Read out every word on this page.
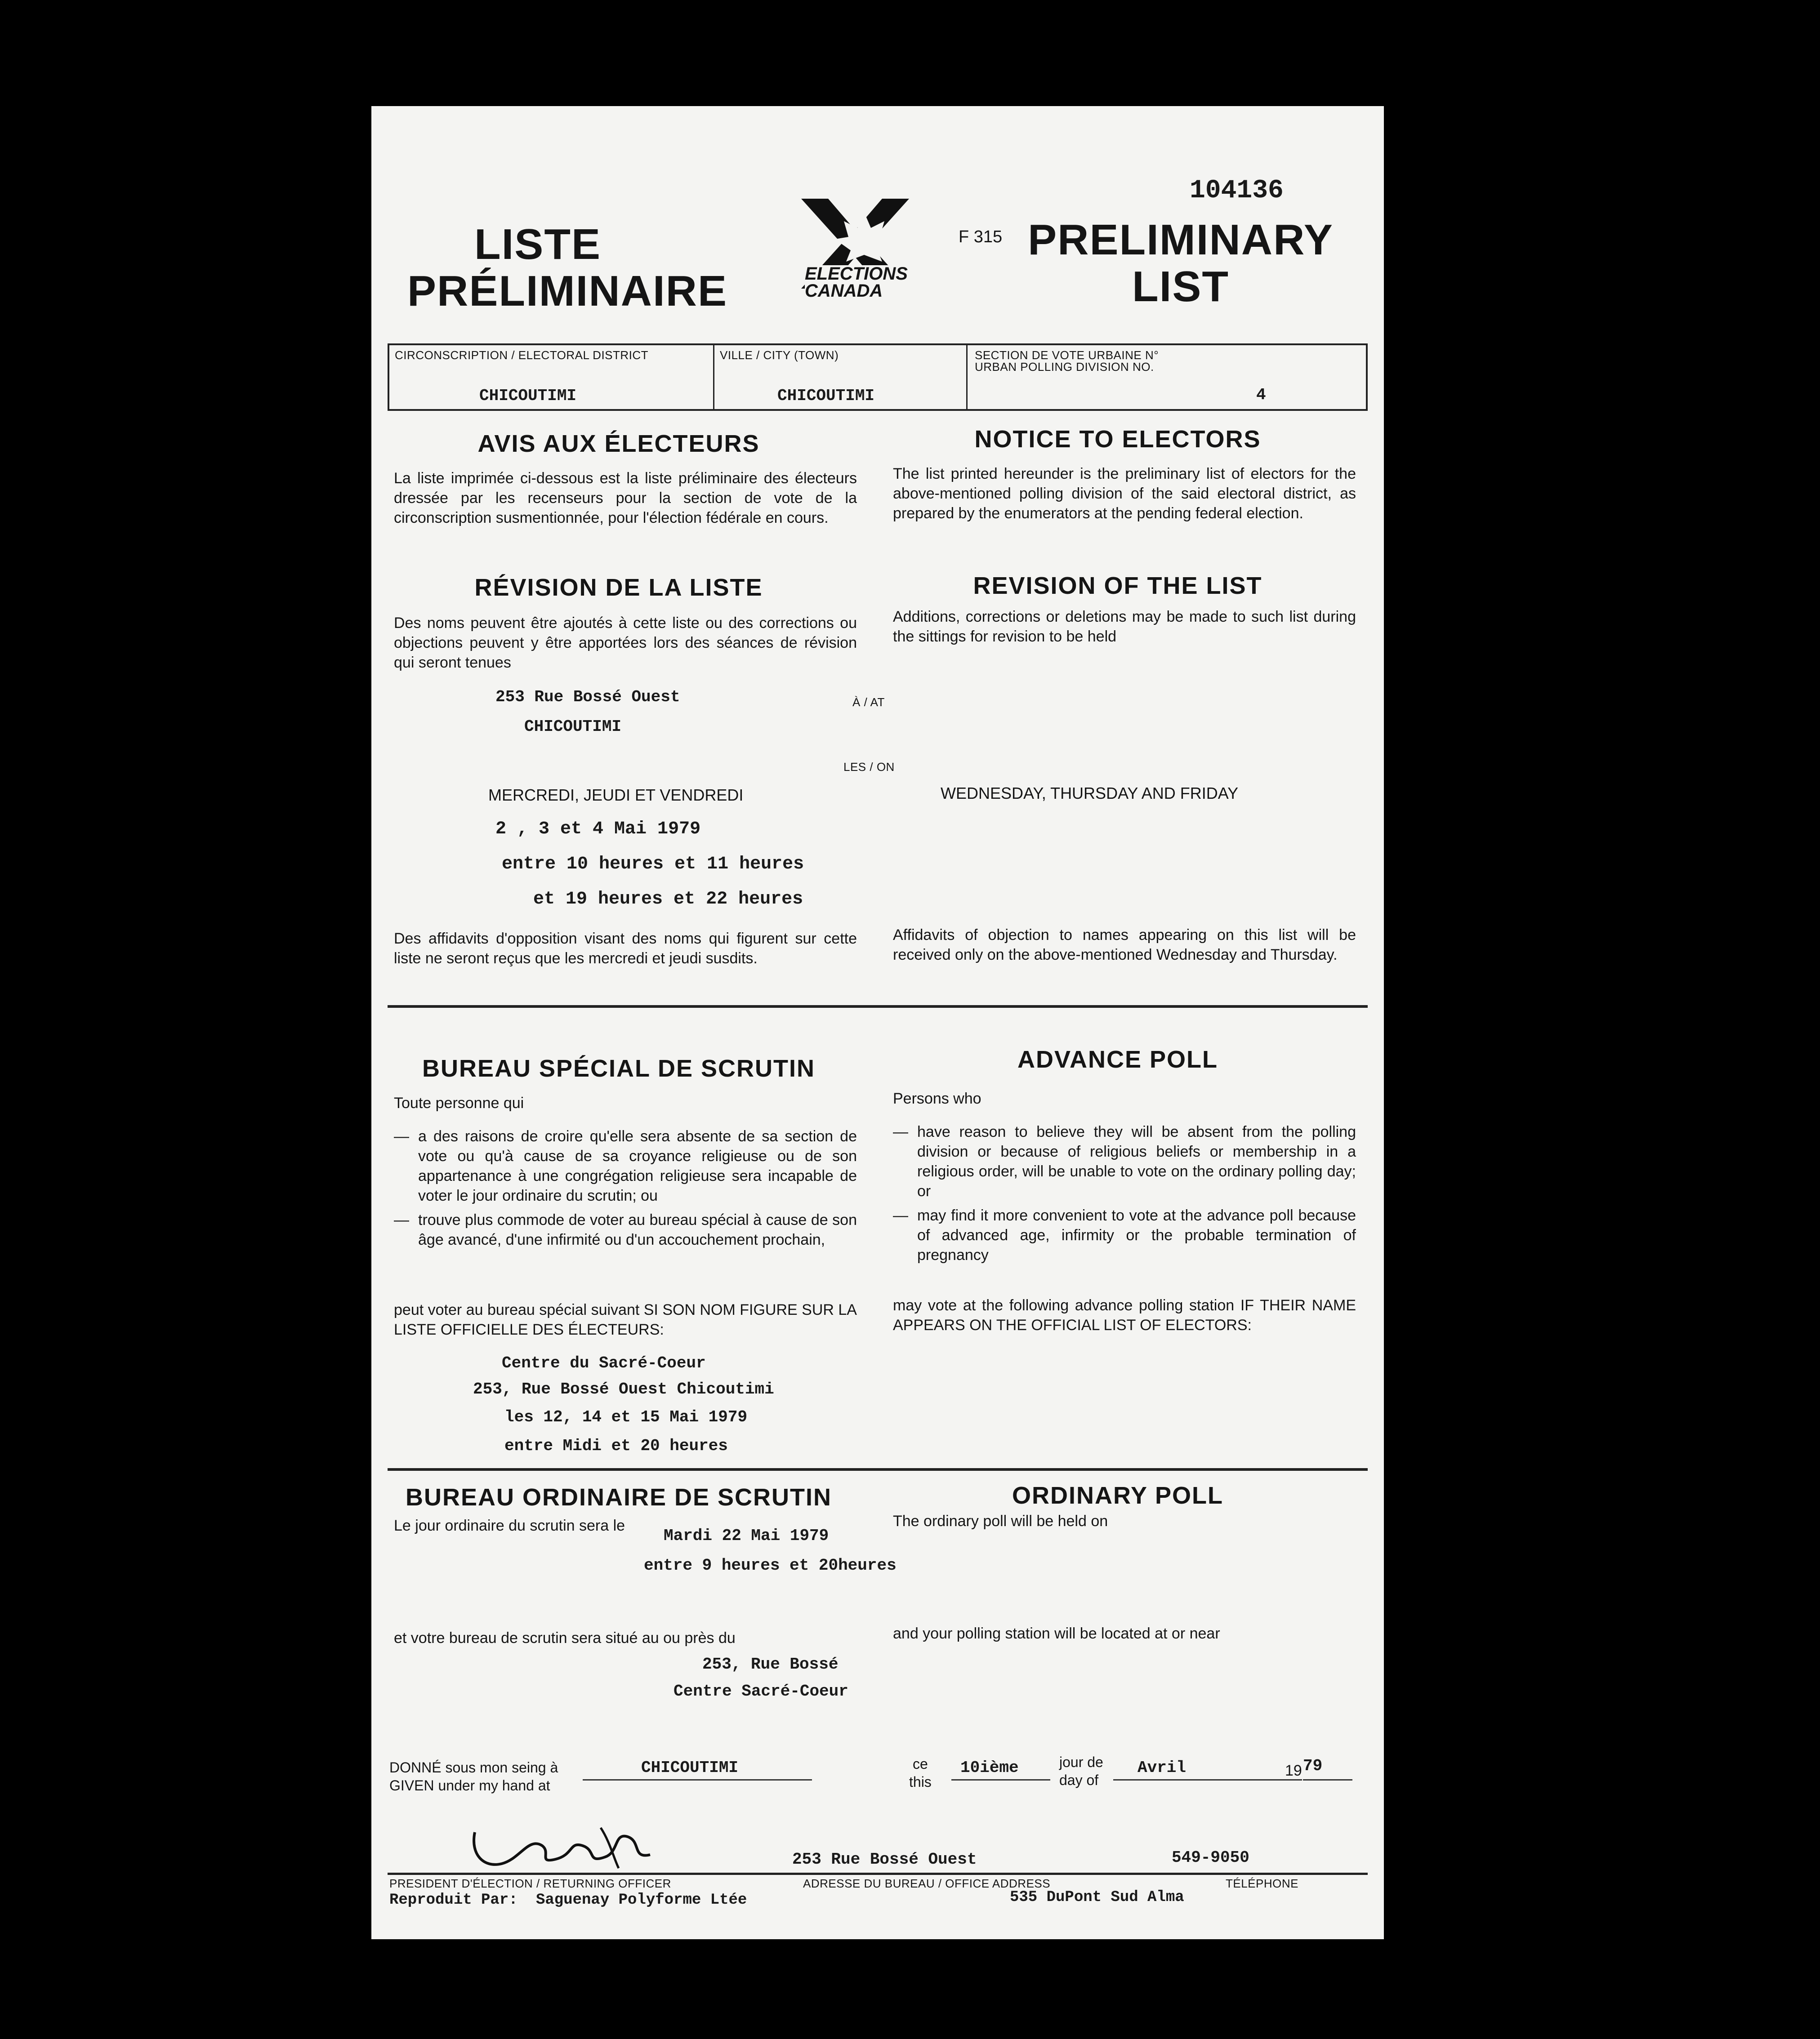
104136
LISTE PRÉLIMINAIRE	ELECTIONS CANADA
F 315 PRELIMINARY LIST
CIRCONSCRIPTION / ELECTORAL DISTRICT
CHICOUTIMI
VILLE / CITY (TOWN)
CHICOUTIMI
SECTION DE VOTE URBAINE N°
URBAN POLLING DIVISION NO.
4
AVIS AUX ÉLECTEURS	NOTICE TO ELECTORS
La liste imprimée ci-dessous est la liste préliminaire des électeurs dressée par les recenseurs pour la section de vote de la circonscription susmentionnée, pour l'élection fédérale en cours.
The list printed hereunder is the preliminary list of electors for the above-mentioned polling division of the said electoral district, as prepared by the enumerators at the pending federal election.
RÉVISION DE LA LISTE	REVISION OF THE LIST
Des noms peuvent être ajoutés à cette liste ou des corrections ou objections peuvent y être apportées lors des séances de révision qui seront tenues
Additions, corrections or deletions may be made to such list during the sittings for revision to be held
253 Rue Bossé Ouest
CHICOUTIMI
À / AT
LES / ON
MERCREDI, JEUDI ET VENDREDI	WEDNESDAY, THURSDAY AND FRIDAY
2 , 3 et 4 Mai 1979
entre 10 heures et 11 heures
et 19 heures et 22 heures
Des affidavits d'opposition visant des noms qui figurent sur cette liste ne seront reçus que les mercredi et jeudi susdits.
Affidavits of objection to names appearing on this list will be received only on the above-mentioned Wednesday and Thursday.
BUREAU SPÉCIAL DE SCRUTIN	ADVANCE POLL
Toute personne qui	Persons who
— a des raisons de croire qu'elle sera absente de sa section de vote ou qu'à cause de sa croyance religieuse ou de son appartenance à une congrégation religieuse sera incapable de voter le jour ordinaire du scrutin; ou
— trouve plus commode de voter au bureau spécial à cause de son âge avancé, d'une infirmité ou d'un accouchement prochain,
— have reason to believe they will be absent from the polling division or because of religious beliefs or membership in a religious order, will be unable to vote on the ordinary polling day; or
— may find it more convenient to vote at the advance poll because of advanced age, infirmity or the probable termination of pregnancy
peut voter au bureau spécial suivant SI SON NOM FIGURE SUR LA LISTE OFFICIELLE DES ÉLECTEURS:
may vote at the following advance polling station IF THEIR NAME APPEARS ON THE OFFICIAL LIST OF ELECTORS:
Centre du Sacré-Coeur
253, Rue Bossé Ouest Chicoutimi
les 12, 14 et 15 Mai 1979
entre Midi et 20 heures
BUREAU ORDINAIRE DE SCRUTIN	ORDINARY POLL
Le jour ordinaire du scrutin sera le	The ordinary poll will be held on
Mardi 22 Mai 1979
entre 9 heures et 20heures
et votre bureau de scrutin sera situé au ou près du	and your polling station will be located at or near
253, Rue Bossé
Centre Sacré-Coeur
DONNÉ sous mon seing à
GIVEN under my hand at
CHICOUTIMI	ce
this
10ième	jour de
day of
Avril	19 79
253 Rue Bossé Ouest	549-9050
PRESIDENT D'ÉLECTION / RETURNING OFFICER	ADRESSE DU BUREAU / OFFICE ADDRESS	TÉLÉPHONE
Reproduit Par: Saguenay Polyforme Ltée	535 DuPont Sud Alma
